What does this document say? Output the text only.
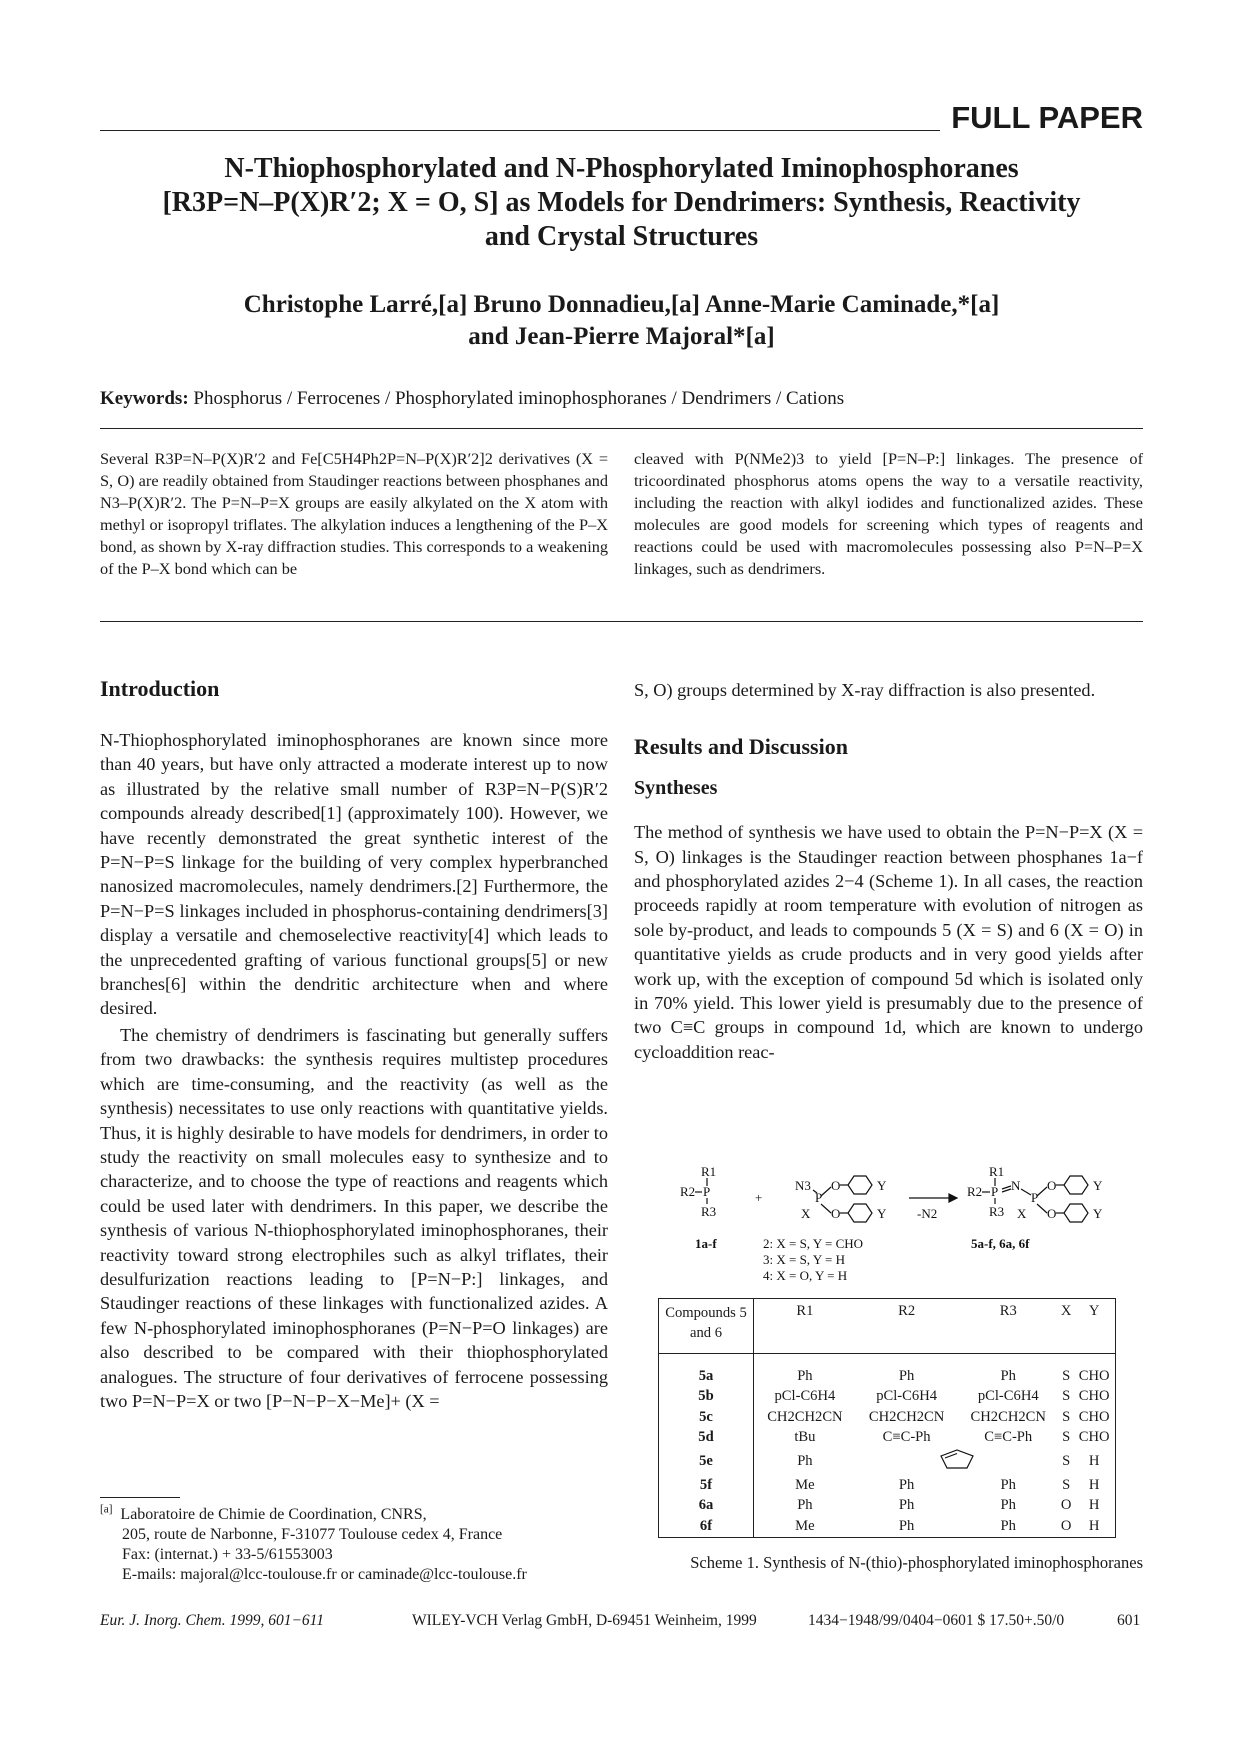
FULL PAPER
N-Thiophosphorylated and N-Phosphorylated Iminophosphoranes
[R3P=N–P(X)R′2; X = O, S] as Models for Dendrimers: Synthesis, Reactivity
and Crystal Structures
Christophe Larré,[a] Bruno Donnadieu,[a] Anne-Marie Caminade,*[a]
and Jean-Pierre Majoral*[a]
Keywords: Phosphorus / Ferrocenes / Phosphorylated iminophosphoranes / Dendrimers / Cations
Several R3P=N–P(X)R′2 and Fe[C5H4Ph2P=N–P(X)R′2]2 derivatives (X = S, O) are readily obtained from Staudinger reactions between phosphanes and N3–P(X)R′2. The P=N–P=X groups are easily alkylated on the X atom with methyl or isopropyl triflates. The alkylation induces a lengthening of the P–X bond, as shown by X-ray diffraction studies. This corresponds to a weakening of the P–X bond which can be
cleaved with P(NMe2)3 to yield [P=N–P:] linkages. The presence of tricoordinated phosphorus atoms opens the way to a versatile reactivity, including the reaction with alkyl iodides and functionalized azides. These molecules are good models for screening which types of reagents and reactions could be used with macromolecules possessing also P=N–P=X linkages, such as dendrimers.
Introduction

N-Thiophosphorylated iminophosphoranes are known since more than 40 years, but have only attracted a moderate interest up to now as illustrated by the relative small number of R3P=N−P(S)R′2 compounds already described[1] (approximately 100). However, we have recently demonstrated the great synthetic interest of the P=N−P=S linkage for the building of very complex hyperbranched nanosized macromolecules, namely dendrimers.[2] Furthermore, the P=N−P=S linkages included in phosphorus-containing dendrimers[3] display a versatile and chemoselective reactivity[4] which leads to the unprecedented grafting of various functional groups[5] or new branches[6] within the dendritic architecture when and where desired.

The chemistry of dendrimers is fascinating but generally suffers from two drawbacks: the synthesis requires multistep procedures which are time-consuming, and the reactivity (as well as the synthesis) necessitates to use only reactions with quantitative yields. Thus, it is highly desirable to have models for dendrimers, in order to study the reactivity on small molecules easy to synthesize and to characterize, and to choose the type of reactions and reagents which could be used later with dendrimers. In this paper, we describe the synthesis of various N-thiophosphorylated iminophosphoranes, their reactivity toward strong electrophiles such as alkyl triflates, their desulfurization reactions leading to [P=N−P:] linkages, and Staudinger reactions of these linkages with functionalized azides. A few N-phosphorylated iminophosphoranes (P=N−P=O linkages) are also described to be compared with their thiophosphorylated analogues. The structure of four derivatives of ferrocene possessing two P=N−P=X or two [P−N−P−X−Me]+ (X =

S, O) groups determined by X-ray diffraction is also presented.

Results and Discussion
Syntheses

The method of synthesis we have used to obtain the P=N−P=X (X = S, O) linkages is the Staudinger reaction between phosphanes 1a−f and phosphorylated azides 2−4 (Scheme 1). In all cases, the reaction proceeds rapidly at room temperature with evolution of nitrogen as sole by-product, and leads to compounds 5 (X = S) and 6 (X = O) in quantitative yields as crude products and in very good yields after work up, with the exception of compound 5d which is isolated only in 70% yield. This lower yield is presumably due to the presence of two C≡C groups in compound 1d, which are known to undergo cycloaddition reac-

R1
R2 P
R3
+
N3
P
X
O
O
Y
Y -N2
R1
R2 P N
R3
P
X
O
O
Y
Y
1a-f	5a-f, 6a, 6f
2: X = S, Y = CHO
3: X = S, Y = H
4: X = O, Y = H
Compounds 5 and 6	R1	R2	R3	X	Y
5a	Ph	Ph	Ph	S	CHO
5b	pCl-C6H4	pCl-C6H4	pCl-C6H4	S	CHO
5c	CH2CH2CN	CH2CH2CN	CH2CH2CN	S	CHO
5d	tBu	C≡C-Ph	C≡C-Ph	S	CHO
5e	Ph			S	H
5f	Me	Ph	Ph	S	H
6a	Ph	Ph	Ph	O	H
6f	Me	Ph	Ph	O	H
Scheme 1. Synthesis of N-(thio)-phosphorylated iminophosphoranes
[a] Laboratoire de Chimie de Coordination, CNRS,
205, route de Narbonne, F-31077 Toulouse cedex 4, France
Fax: (internat.) + 33-5/61553003
E-mails: majoral@lcc-toulouse.fr or caminade@lcc-toulouse.fr
Eur. J. Inorg. Chem. 1999, 601−611	WILEY-VCH Verlag GmbH, D-69451 Weinheim, 1999	1434−1948/99/0404−0601 $ 17.50+.50/0	601
